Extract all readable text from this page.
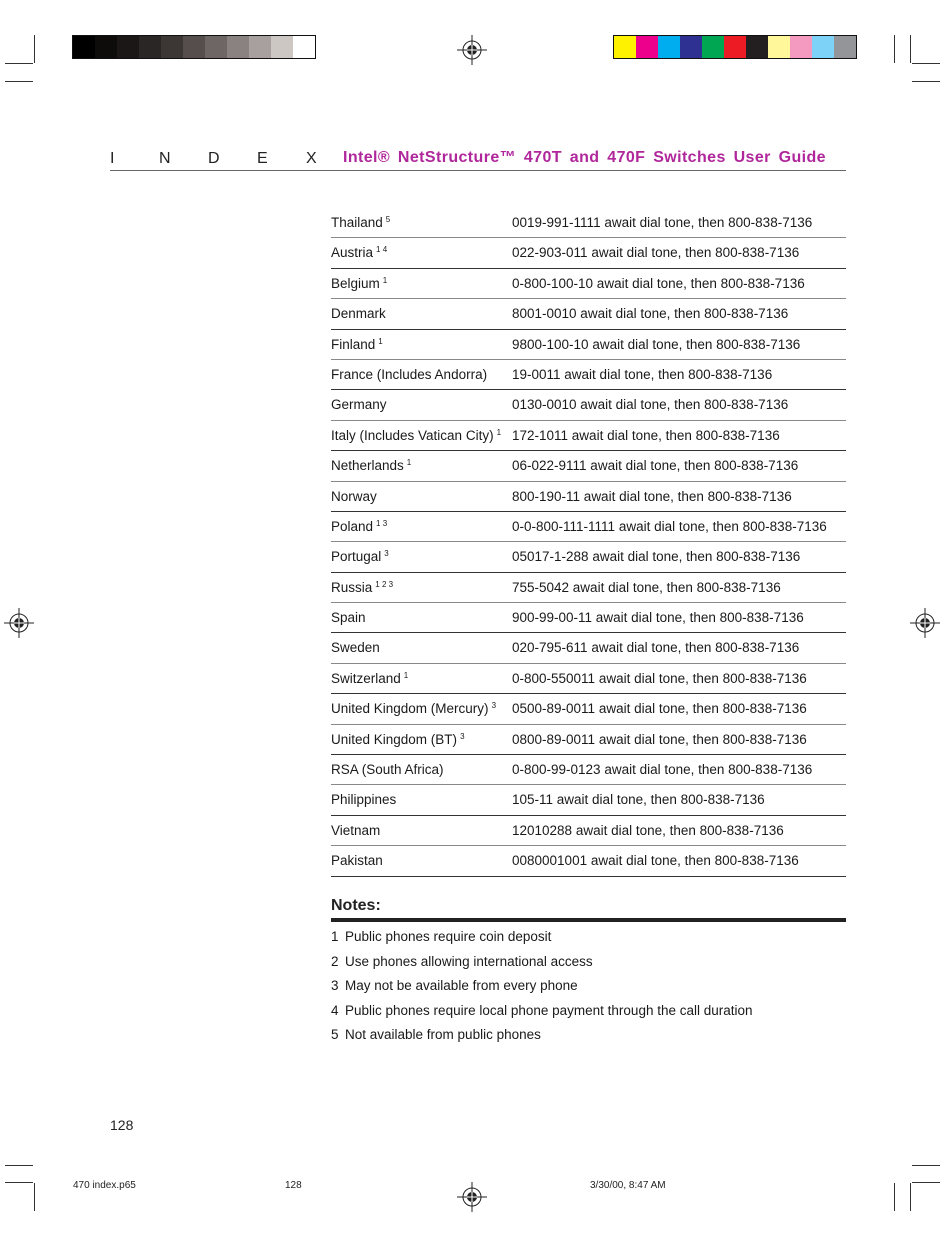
I	N D E X	Intel® NetStructure™ 470T and 470F Switches User Guide
Thailand $^5$	0019-991-1111 await dial tone, then 800-838-7136
Austria $^{1 4}$	022-903-011 await dial tone, then 800-838-7136
Belgium $^1$	0-800-100-10 await dial tone, then 800-838-7136
Denmark	8001-0010 await dial tone, then 800-838-7136
Finland $^1$	9800-100-10 await dial tone, then 800-838-7136
France (Includes Andorra) 19-0011 await dial tone, then 800-838-7136
Germany	0130-0010 await dial tone, then 800-838-7136
Italy (Includes Vatican City) $^1$ 172-1011 await dial tone, then 800-838-7136
Netherlands $^1$	06-022-9111 await dial tone, then 800-838-7136
Norway	800-190-11 await dial tone, then 800-838-7136
Poland $^{1 3}$	0-0-800-111-1111 await dial tone, then 800-838-7136
Portugal $^3$	05017-1-288 await dial tone, then 800-838-7136
Russia $^{1 2 3}$	755-5042 await dial tone, then 800-838-7136
Spain	900-99-00-11 await dial tone, then 800-838-7136
Sweden	020-795-611 await dial tone, then 800-838-7136
Switzerland $^1$	0-800-550011 await dial tone, then 800-838-7136
United Kingdom (Mercury) $^3$ 0500-89-0011 await dial tone, then 800-838-7136
United Kingdom (BT) $^3$	0800-89-0011 await dial tone, then 800-838-7136
RSA (South Africa)	0-800-99-0123 await dial tone, then 800-838-7136
Philippines	105-11 await dial tone, then 800-838-7136
Vietnam	12010288 await dial tone, then 800-838-7136
Pakistan	0080001001 await dial tone, then 800-838-7136
Notes:
1 Public phones require coin deposit
2 Use phones allowing international access
3 May not be available from every phone
4 Public phones require local phone payment through the call duration
5 Not available from public phones
128
470 index.p65	128	3/30/00, 8:47 AM
